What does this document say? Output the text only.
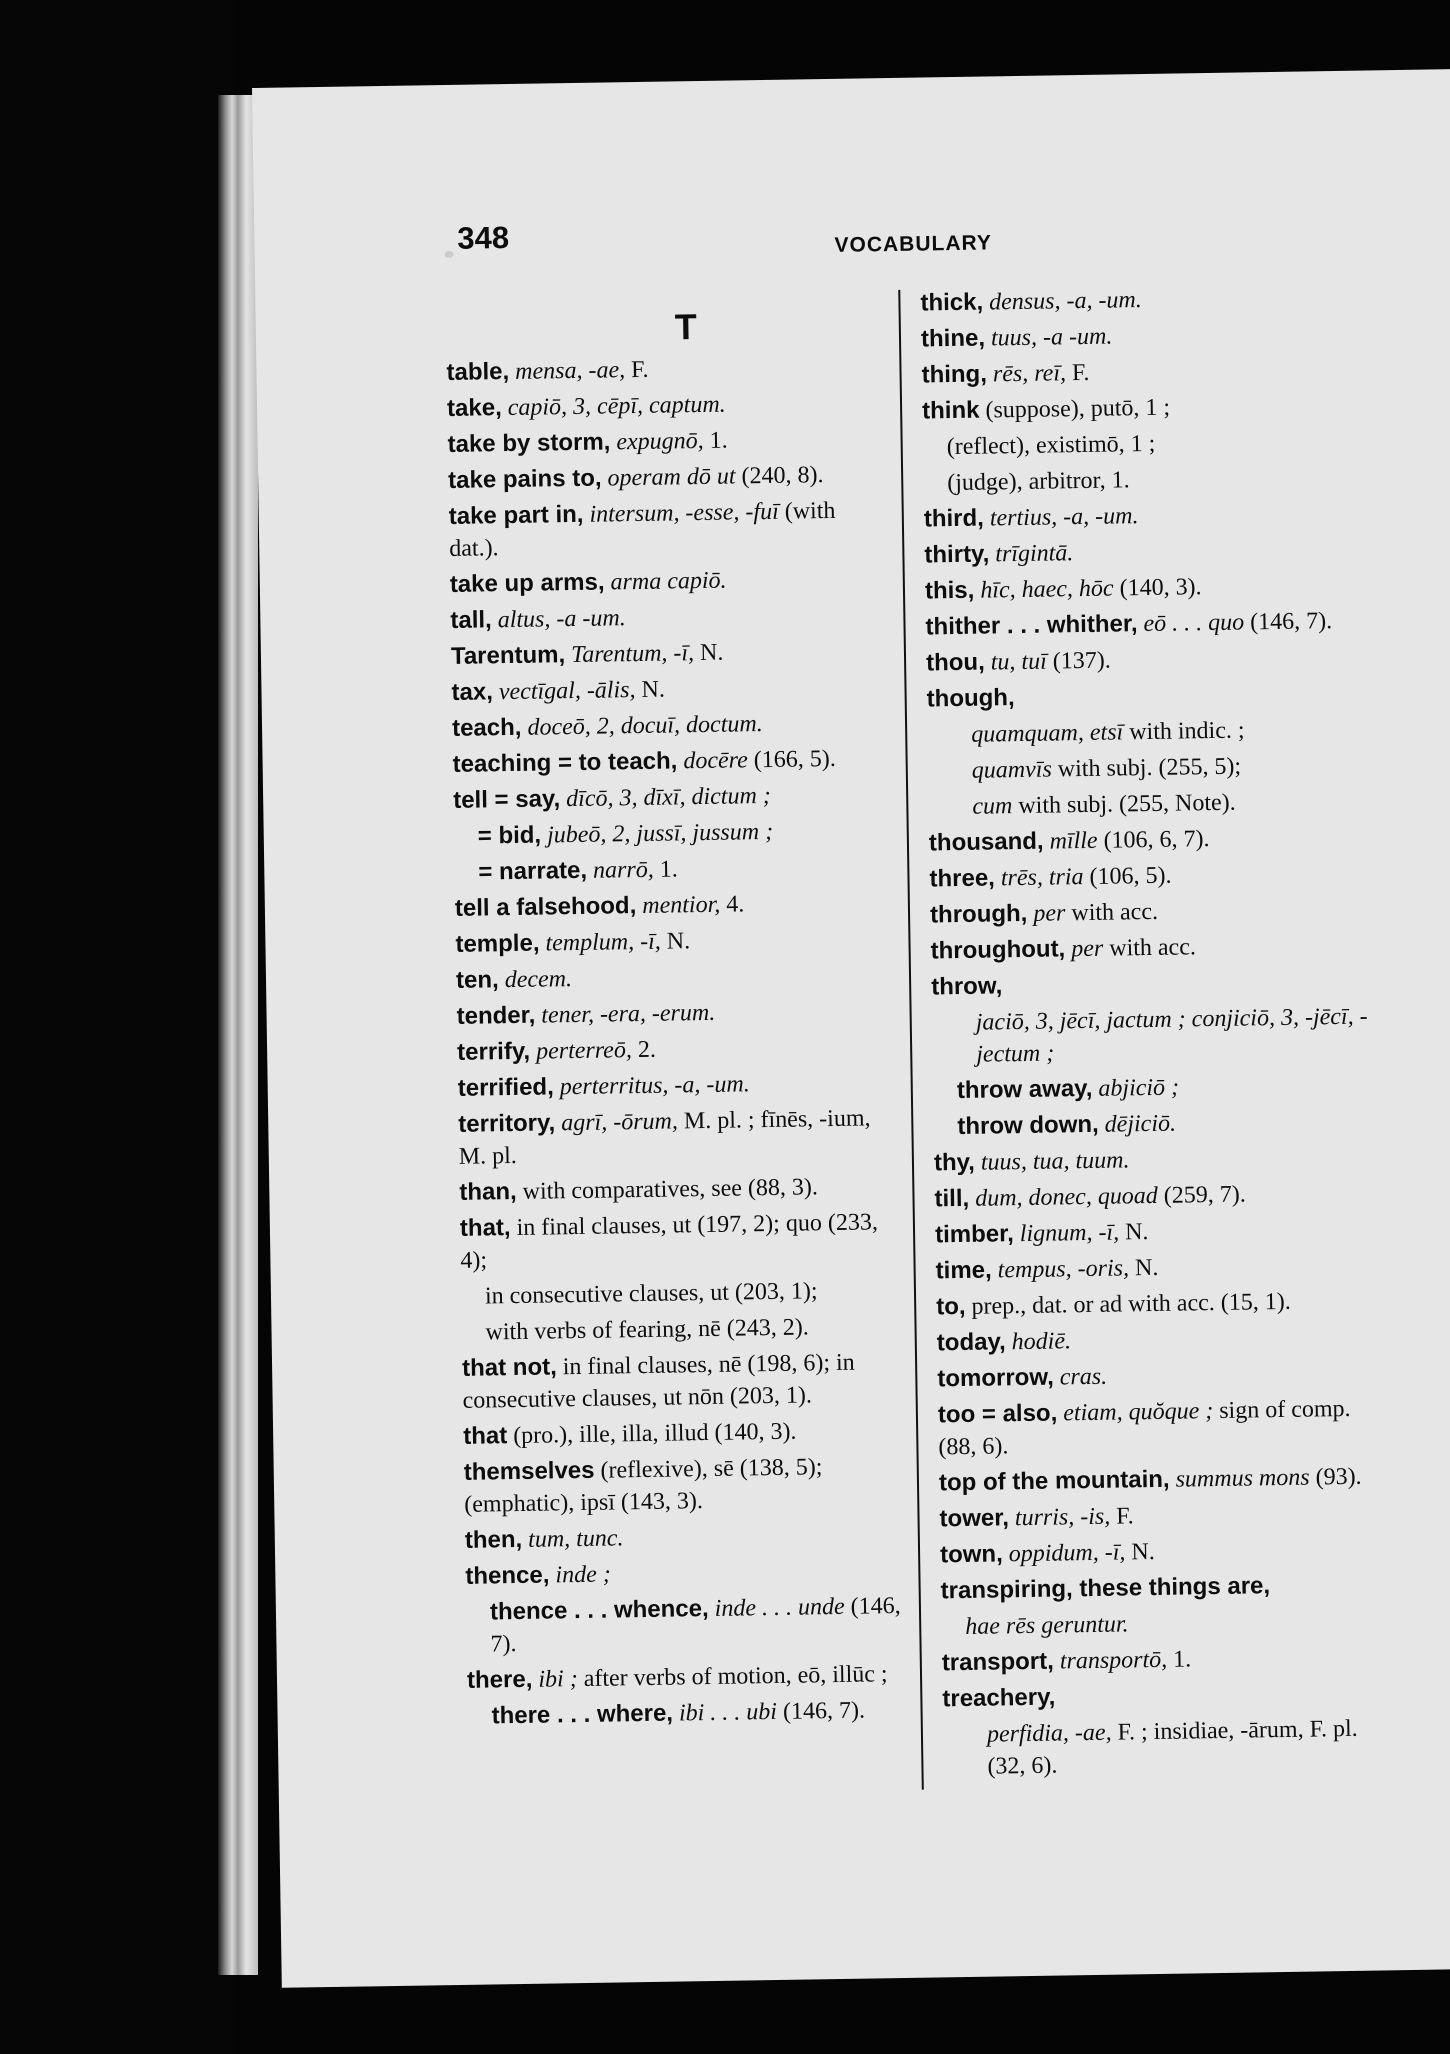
348	VOCABULARY
T
table, mensa, -ae, F.
take, capiō, 3, cēpī, captum.
take by storm, expugnō, 1.
take pains to, operam dō ut (240, 8).
take part in, intersum, -esse, -fuī (with dat.).
take up arms, arma capiō.
tall, altus, -a -um.
Tarentum, Tarentum, -ī, N.
tax, vectīgal, -ālis, N.
teach, doceō, 2, docuī, doctum.
teaching = to teach, docēre (166, 5).
tell = say, dīcō, 3, dīxī, dictum ;
= bid, jubeō, 2, jussī, jussum ;
= narrate, narrō, 1.
tell a falsehood, mentior, 4.
temple, templum, -ī, N.
ten, decem.
tender, tener, -era, -erum.
terrify, perterreō, 2.
terrified, perterritus, -a, -um.
territory, agrī, -ōrum, M. pl. ; fīnēs, -ium, M. pl.
than, with comparatives, see (88, 3).
that, in final clauses, ut (197, 2); quo (233, 4);
in consecutive clauses, ut (203, 1);
with verbs of fearing, nē (243, 2).
that not, in final clauses, nē (198, 6); in consecutive clauses, ut nōn (203, 1).
that (pro.), ille, illa, illud (140, 3).
themselves (reflexive), sē (138, 5); (emphatic), ipsī (143, 3).
then, tum, tunc.
thence, inde ;
thence . . . whence, inde . . . unde (146, 7).
there, ibi ; after verbs of motion, eō, illūc ;
there . . . where, ibi . . . ubi (146, 7).
thick, densus, -a, -um.
thine, tuus, -a -um.
thing, rēs, reī, F.
think (suppose), putō, 1 ;
(reflect), existimō, 1 ;
(judge), arbitror, 1.
third, tertius, -a, -um.
thirty, trīgintā.
this, hīc, haec, hōc (140, 3).
thither . . . whither, eō . . . quo (146, 7).
thou, tu, tuī (137).
though,
quamquam, etsī with indic. ;
quamvīs with subj. (255, 5);
cum with subj. (255, Note).
thousand, mīlle (106, 6, 7).
three, trēs, tria (106, 5).
through, per with acc.
throughout, per with acc.
throw,
jaciō, 3, jēcī, jactum ; conjiciō, 3, -jēcī, -jectum ;
throw away, abjiciō ;
throw down, dējiciō.
thy, tuus, tua, tuum.
till, dum, donec, quoad (259, 7).
timber, lignum, -ī, N.
time, tempus, -oris, N.
to, prep., dat. or ad with acc. (15, 1).
today, hodiē.
tomorrow, cras.
too = also, etiam, quŏque ; sign of comp. (88, 6).
top of the mountain, summus mons (93).
tower, turris, -is, F.
town, oppidum, -ī, N.
transpiring, these things are,
hae rēs geruntur.
transport, transportō, 1.
treachery,
perfidia, -ae, F. ; insidiae, -ārum, F. pl. (32, 6).
